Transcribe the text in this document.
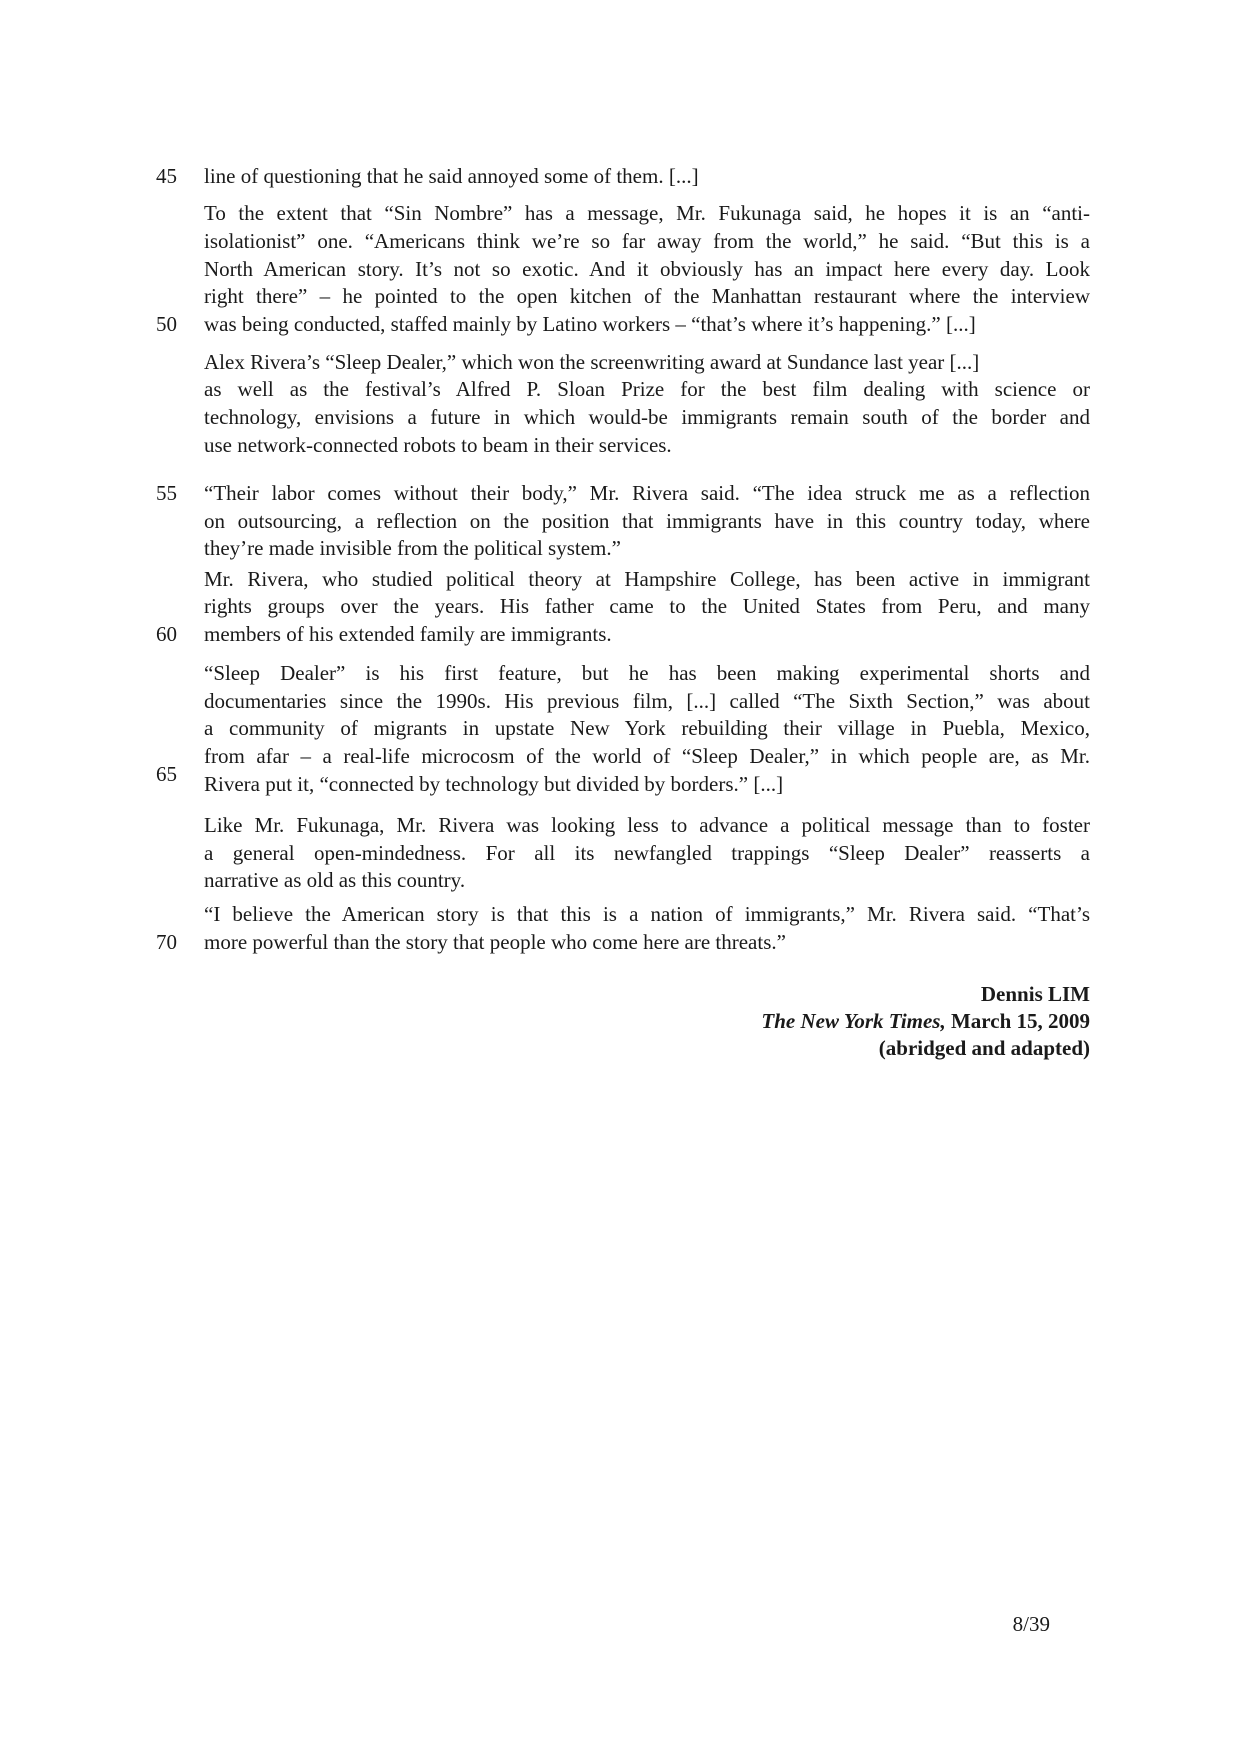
45
50
55
60
65
70
line of questioning that he said annoyed some of them. [...]
To the extent that “Sin Nombre” has a message, Mr. Fukunaga said, he hopes it is an “anti-
isolationist” one. “Americans think we’re so far away from the world,” he said. “But this is a
North American story. It’s not so exotic. And it obviously has an impact here every day. Look
right there” – he pointed to the open kitchen of the Manhattan restaurant where the interview
was being conducted, staffed mainly by Latino workers – “that’s where it’s happening.” [...]
Alex Rivera’s “Sleep Dealer,” which won the screenwriting award at Sundance last year [...]
as well as the festival’s Alfred P. Sloan Prize for the best film dealing with science or
technology, envisions a future in which would-be immigrants remain south of the border and
use network-connected robots to beam in their services.
“Their labor comes without their body,” Mr. Rivera said. “The idea struck me as a reflection
on outsourcing, a reflection on the position that immigrants have in this country today, where
they’re made invisible from the political system.”
Mr. Rivera, who studied political theory at Hampshire College, has been active in immigrant
rights groups over the years. His father came to the United States from Peru, and many
members of his extended family are immigrants.
“Sleep Dealer” is his first feature, but he has been making experimental shorts and
documentaries since the 1990s. His previous film, [...] called “The Sixth Section,” was about
a community of migrants in upstate New York rebuilding their village in Puebla, Mexico,
from afar – a real-life microcosm of the world of “Sleep Dealer,” in which people are, as Mr.
Rivera put it, “connected by technology but divided by borders.” [...]
Like Mr. Fukunaga, Mr. Rivera was looking less to advance a political message than to foster
a general open-mindedness. For all its newfangled trappings “Sleep Dealer” reasserts a
narrative as old as this country.
“I believe the American story is that this is a nation of immigrants,” Mr. Rivera said. “That’s
more powerful than the story that people who come here are threats.”
Dennis LIM
The New York Times, March 15, 2009
(abridged and adapted)
8/39
